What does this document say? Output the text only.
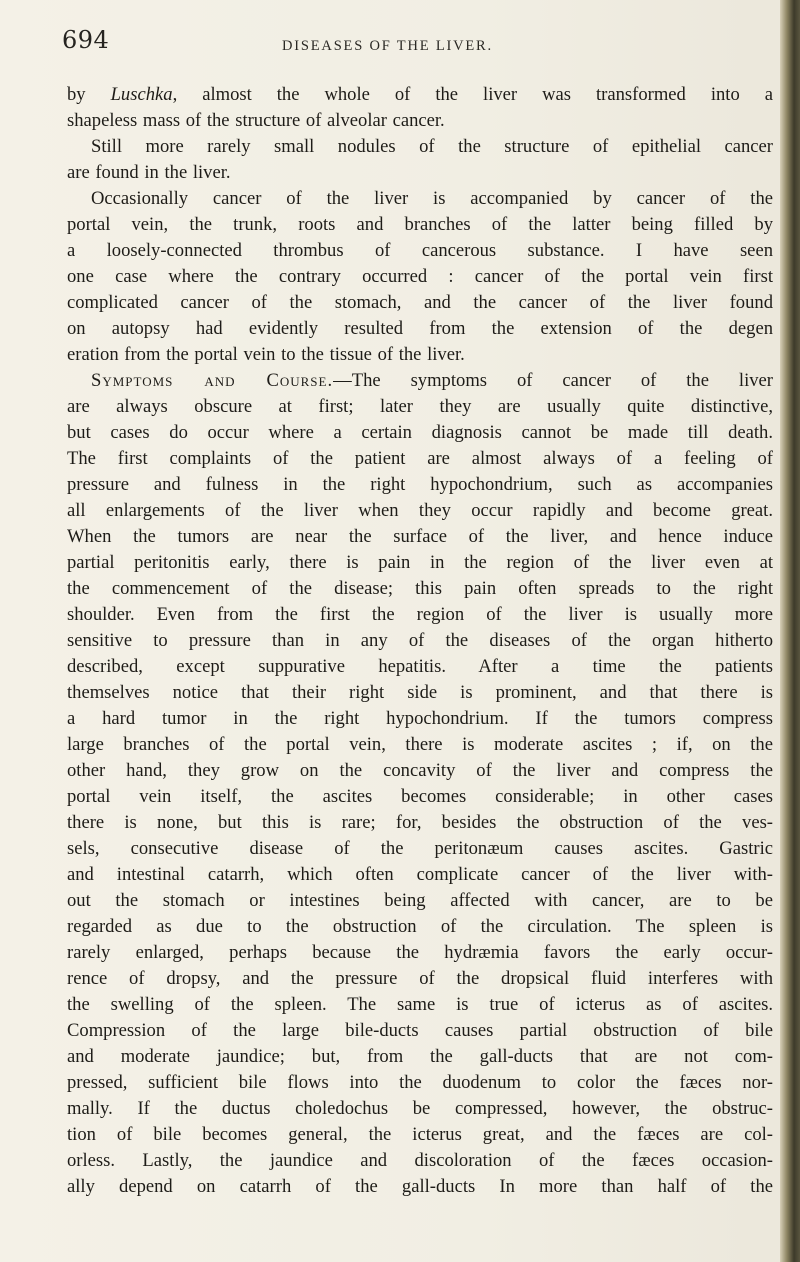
694	DISEASES OF THE LIVER.
by Luschka, almost the whole of the liver was transformed into a
shapeless mass of the structure of alveolar cancer.
Still more rarely small nodules of the structure of epithelial cancer
are found in the liver.
Occasionally cancer of the liver is accompanied by cancer of the
portal vein, the trunk, roots and branches of the latter being filled by
a loosely-connected thrombus of cancerous substance. I have seen
one case where the contrary occurred : cancer of the portal vein first
complicated cancer of the stomach, and the cancer of the liver found
on autopsy had evidently resulted from the extension of the degen
eration from the portal vein to the tissue of the liver.
Symptoms and Course.—The symptoms of cancer of the liver
are always obscure at first; later they are usually quite distinctive,
but cases do occur where a certain diagnosis cannot be made till death.
The first complaints of the patient are almost always of a feeling of
pressure and fulness in the right hypochondrium, such as accompanies
all enlargements of the liver when they occur rapidly and become great.
When the tumors are near the surface of the liver, and hence induce
partial peritonitis early, there is pain in the region of the liver even at
the commencement of the disease; this pain often spreads to the right
shoulder. Even from the first the region of the liver is usually more
sensitive to pressure than in any of the diseases of the organ hitherto
described, except suppurative hepatitis. After a time the patients
themselves notice that their right side is prominent, and that there is
a hard tumor in the right hypochondrium. If the tumors compress
large branches of the portal vein, there is moderate ascites ; if, on the
other hand, they grow on the concavity of the liver and compress the
portal vein itself, the ascites becomes considerable; in other cases
there is none, but this is rare; for, besides the obstruction of the ves-
sels, consecutive disease of the peritonæum causes ascites. Gastric
and intestinal catarrh, which often complicate cancer of the liver with-
out the stomach or intestines being affected with cancer, are to be
regarded as due to the obstruction of the circulation. The spleen is
rarely enlarged, perhaps because the hydræmia favors the early occur-
rence of dropsy, and the pressure of the dropsical fluid interferes with
the swelling of the spleen. The same is true of icterus as of ascites.
Compression of the large bile-ducts causes partial obstruction of bile
and moderate jaundice; but, from the gall-ducts that are not com-
pressed, sufficient bile flows into the duodenum to color the fæces nor-
mally. If the ductus choledochus be compressed, however, the obstruc-
tion of bile becomes general, the icterus great, and the fæces are col-
orless. Lastly, the jaundice and discoloration of the fæces occasion-
ally depend on catarrh of the gall-ducts In more than half of the
